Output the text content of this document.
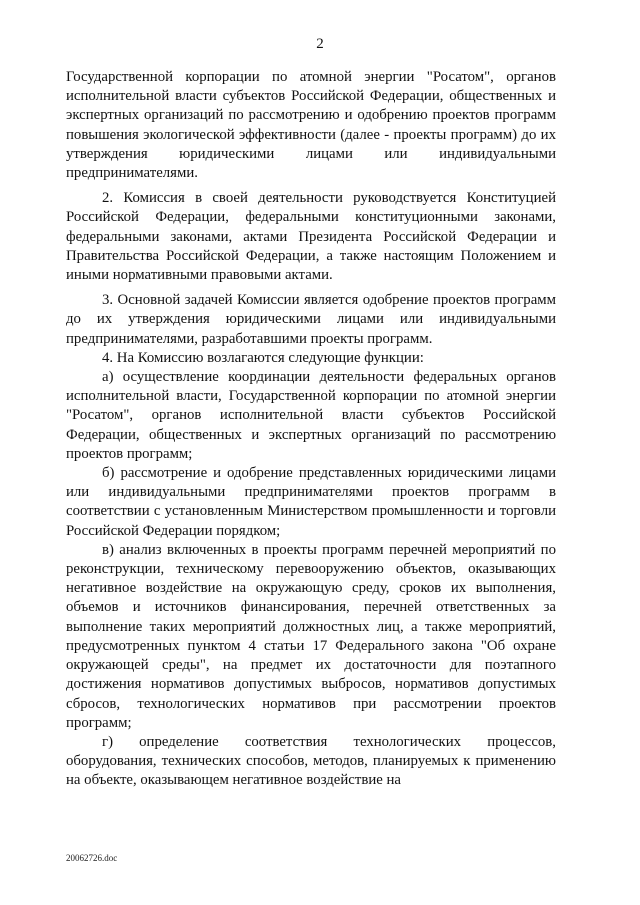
2

Государственной корпорации по атомной энергии "Росатом", органов исполнительной власти субъектов Российской Федерации, общественных и экспертных организаций по рассмотрению и одобрению проектов программ повышения экологической эффективности (далее - проекты программ) до их утверждения юридическими лицами или индивидуальными предпринимателями.

2. Комиссия в своей деятельности руководствуется Конституцией Российской Федерации, федеральными конституционными законами, федеральными законами, актами Президента Российской Федерации и Правительства Российской Федерации, а также настоящим Положением и иными нормативными правовыми актами.

3. Основной задачей Комиссии является одобрение проектов программ до их утверждения юридическими лицами или индивидуальными предпринимателями, разработавшими проекты программ.

4. На Комиссию возлагаются следующие функции:

а) осуществление координации деятельности федеральных органов исполнительной власти, Государственной корпорации по атомной энергии "Росатом", органов исполнительной власти субъектов Российской Федерации, общественных и экспертных организаций по рассмотрению проектов программ;

б) рассмотрение и одобрение представленных юридическими лицами или индивидуальными предпринимателями проектов программ в соответствии с установленным Министерством промышленности и торговли Российской Федерации порядком;

в) анализ включенных в проекты программ перечней мероприятий по реконструкции, техническому перевооружению объектов, оказывающих негативное воздействие на окружающую среду, сроков их выполнения, объемов и источников финансирования, перечней ответственных за выполнение таких мероприятий должностных лиц, а также мероприятий, предусмотренных пунктом 4 статьи 17 Федерального закона "Об охране окружающей среды", на предмет их достаточности для поэтапного достижения нормативов допустимых выбросов, нормативов допустимых сбросов, технологических нормативов при рассмотрении проектов программ;

г) определение соответствия технологических процессов, оборудования, технических способов, методов, планируемых к применению на объекте, оказывающем негативное воздействие на

20062726.doc
